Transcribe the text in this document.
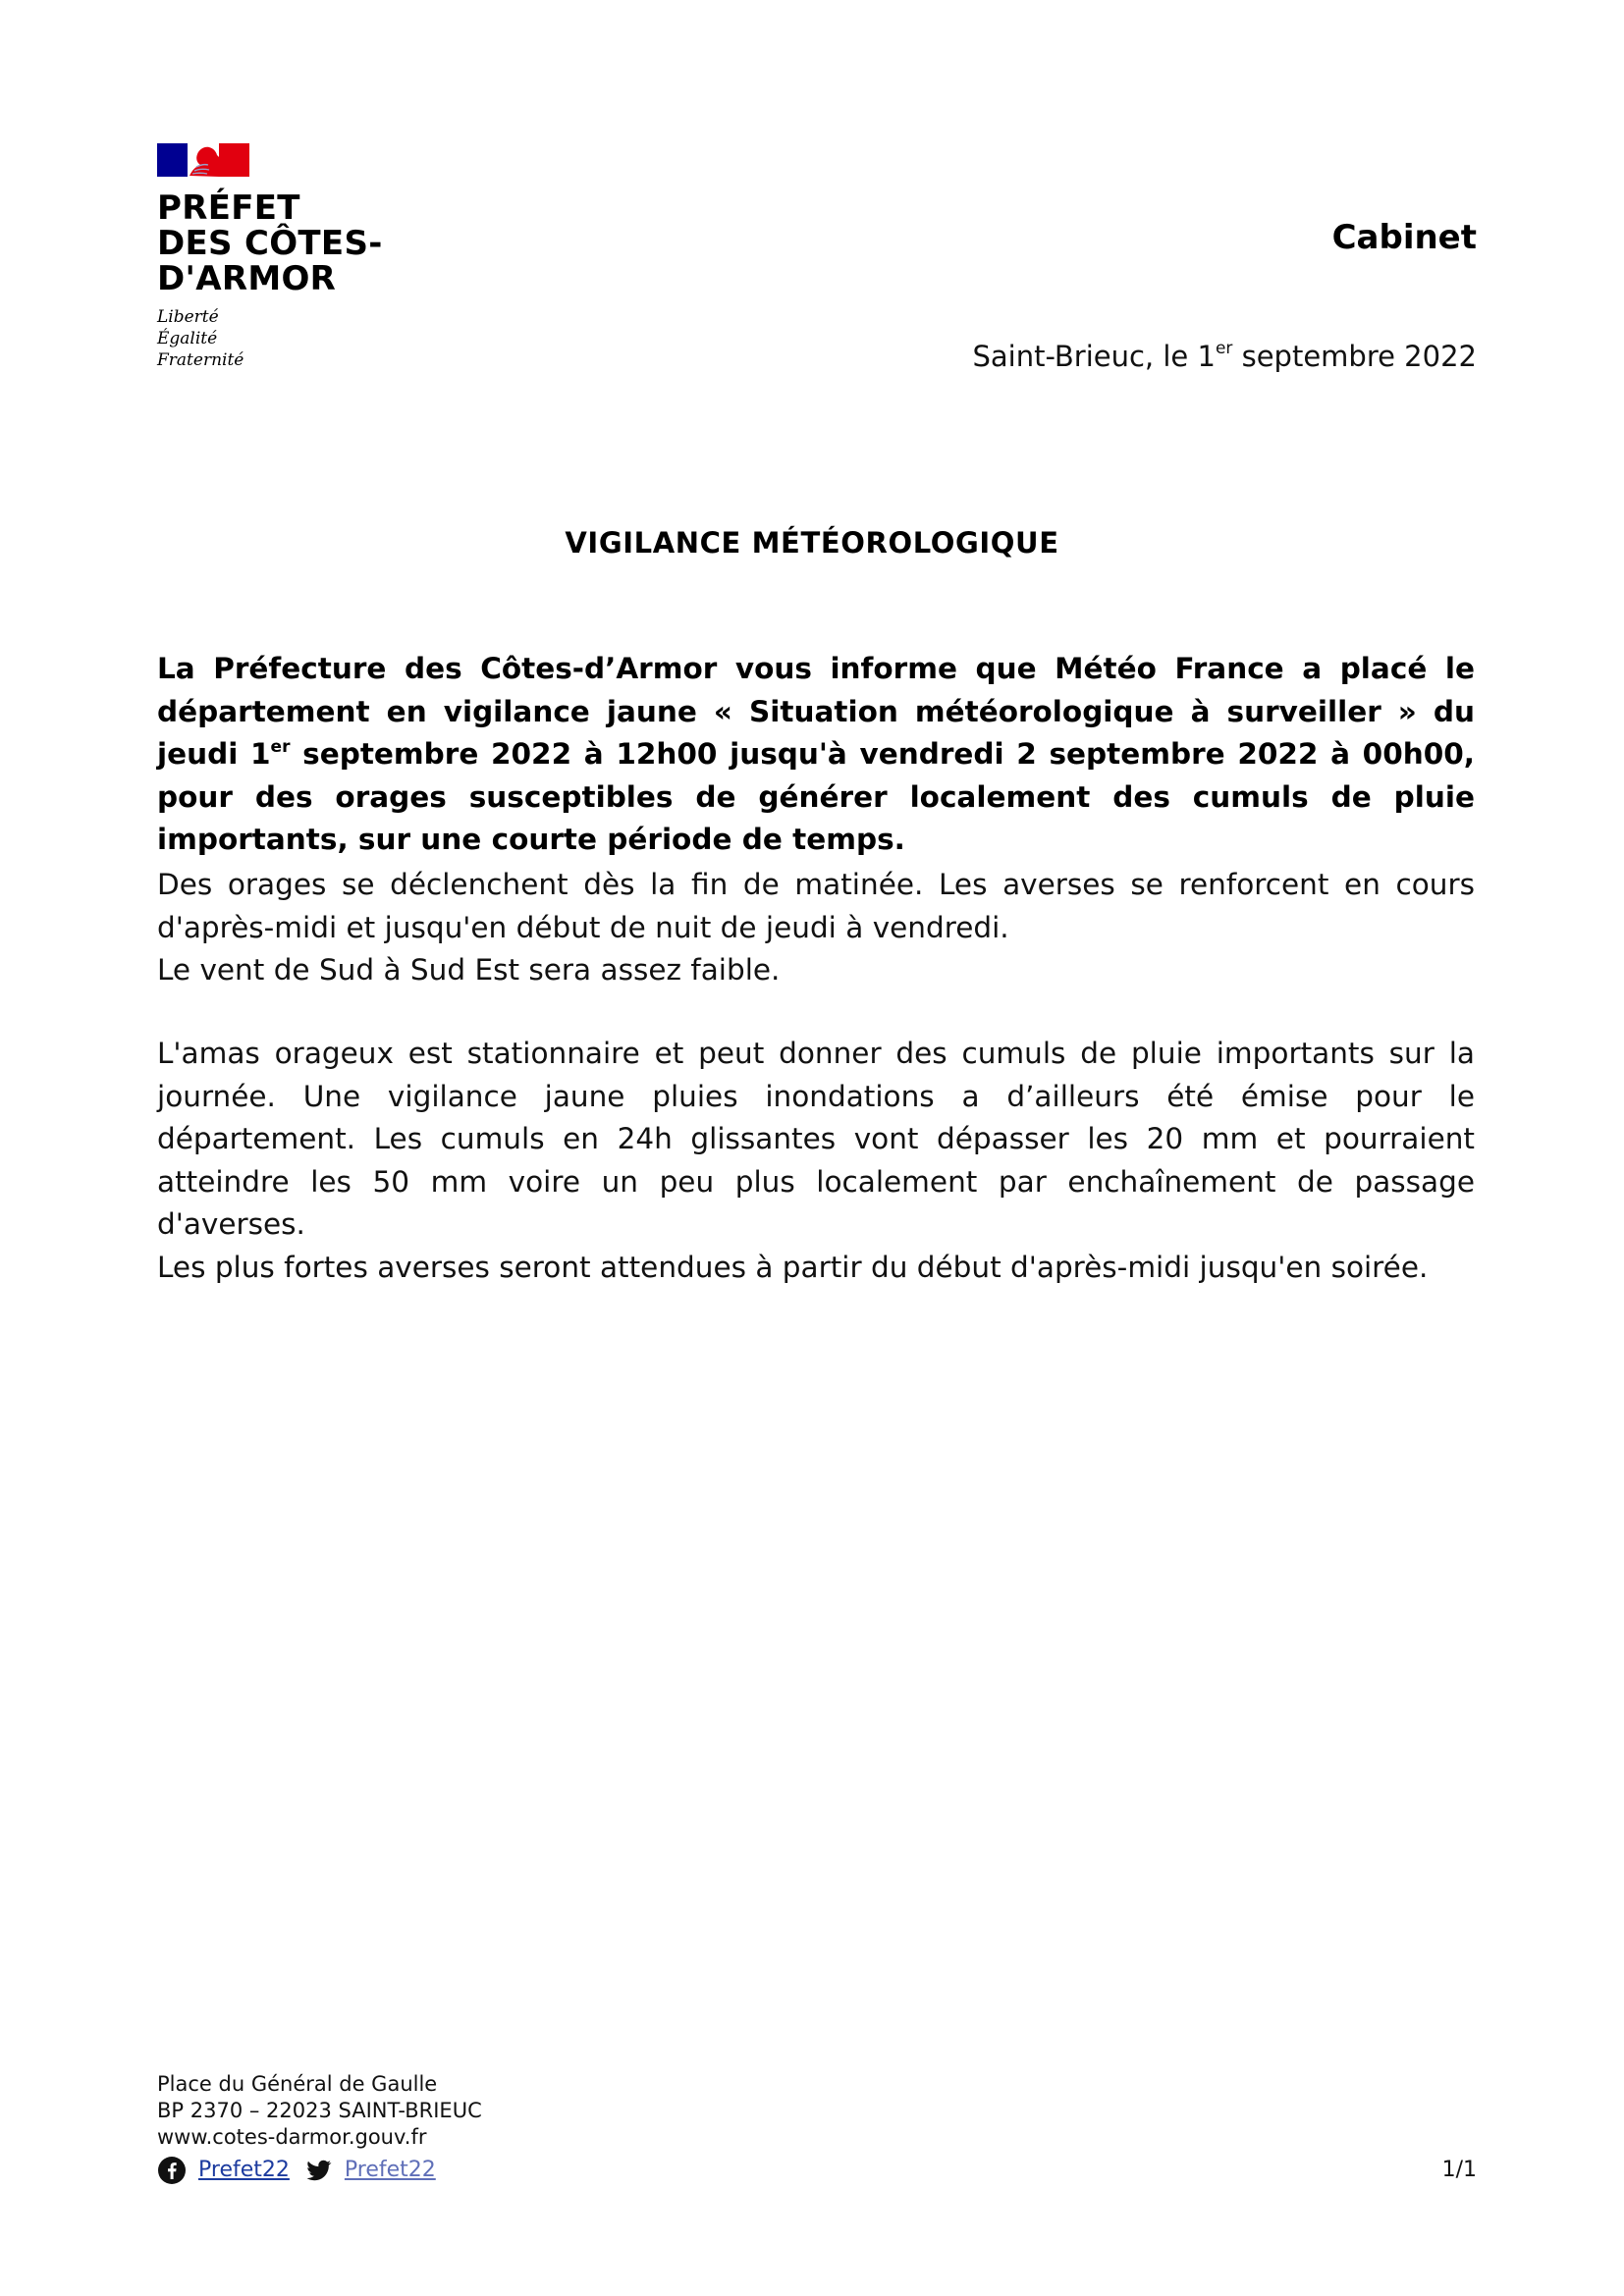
PRÉFET
DES CÔTES-
D'ARMOR
Liberté
Égalité
Fraternité
Cabinet
Saint-Brieuc, le 1er septembre 2022
VIGILANCE MÉTÉOROLOGIQUE
La Préfecture des Côtes-d’Armor vous informe que Météo France a placé le département en vigilance jaune « Situation météorologique à surveiller » du jeudi 1er septembre 2022 à 12h00 jusqu'à vendredi 2 septembre 2022 à 00h00, pour des orages susceptibles de générer localement des cumuls de pluie importants, sur une courte période de temps.

Des orages se déclenchent dès la fin de matinée. Les averses se renforcent en cours d'après-midi et jusqu'en début de nuit de jeudi à vendredi.

Le vent de Sud à Sud Est sera assez faible.

L'amas orageux est stationnaire et peut donner des cumuls de pluie importants sur la journée. Une vigilance jaune pluies inondations a d’ailleurs été émise pour le département. Les cumuls en 24h glissantes vont dépasser les 20 mm et pourraient atteindre les 50 mm voire un peu plus localement par enchaînement de passage d'averses.

Les plus fortes averses seront attendues à partir du début d'après-midi jusqu'en soirée.

Place du Général de Gaulle
BP 2370 – 22023 SAINT-BRIEUC
www.cotes-darmor.gouv.fr
Prefet22	Prefet22	1/1
